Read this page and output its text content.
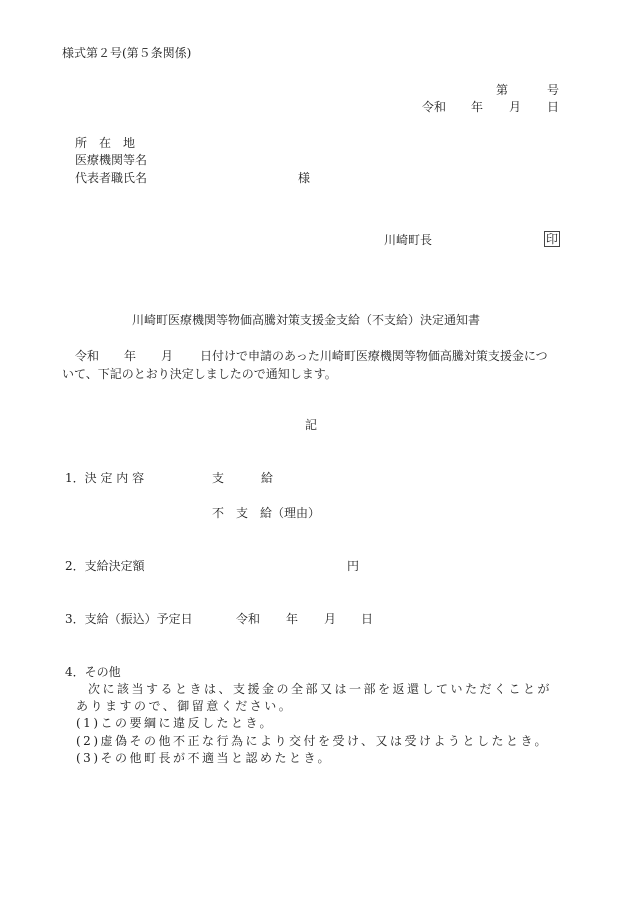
様式第２号(第５条関係)
第	号
令和 年 月 日
所　在　地
医療機関等名
代表者職氏名	様
川崎町長	印
川崎町医療機関等物価高騰対策支援金支給（不支給）決定通知書
令和 年 月 日付けで申請のあった川崎町医療機関等物価高騰対策支援金につ
いて、下記のとおり決定しましたので通知します。
記
1．決 定 内 容	支	給
不　支　給（理由）
2．支給決定額	円
3．支給（振込）予定日	令和 年 月 日
4．その他
次に該当するときは、支援金の全部又は一部を返還していただくことが
ありますので、御留意ください。
(1)この要綱に違反したとき。
(2)虚偽その他不正な行為により交付を受け、又は受けようとしたとき。
(3)その他町長が不適当と認めたとき。
